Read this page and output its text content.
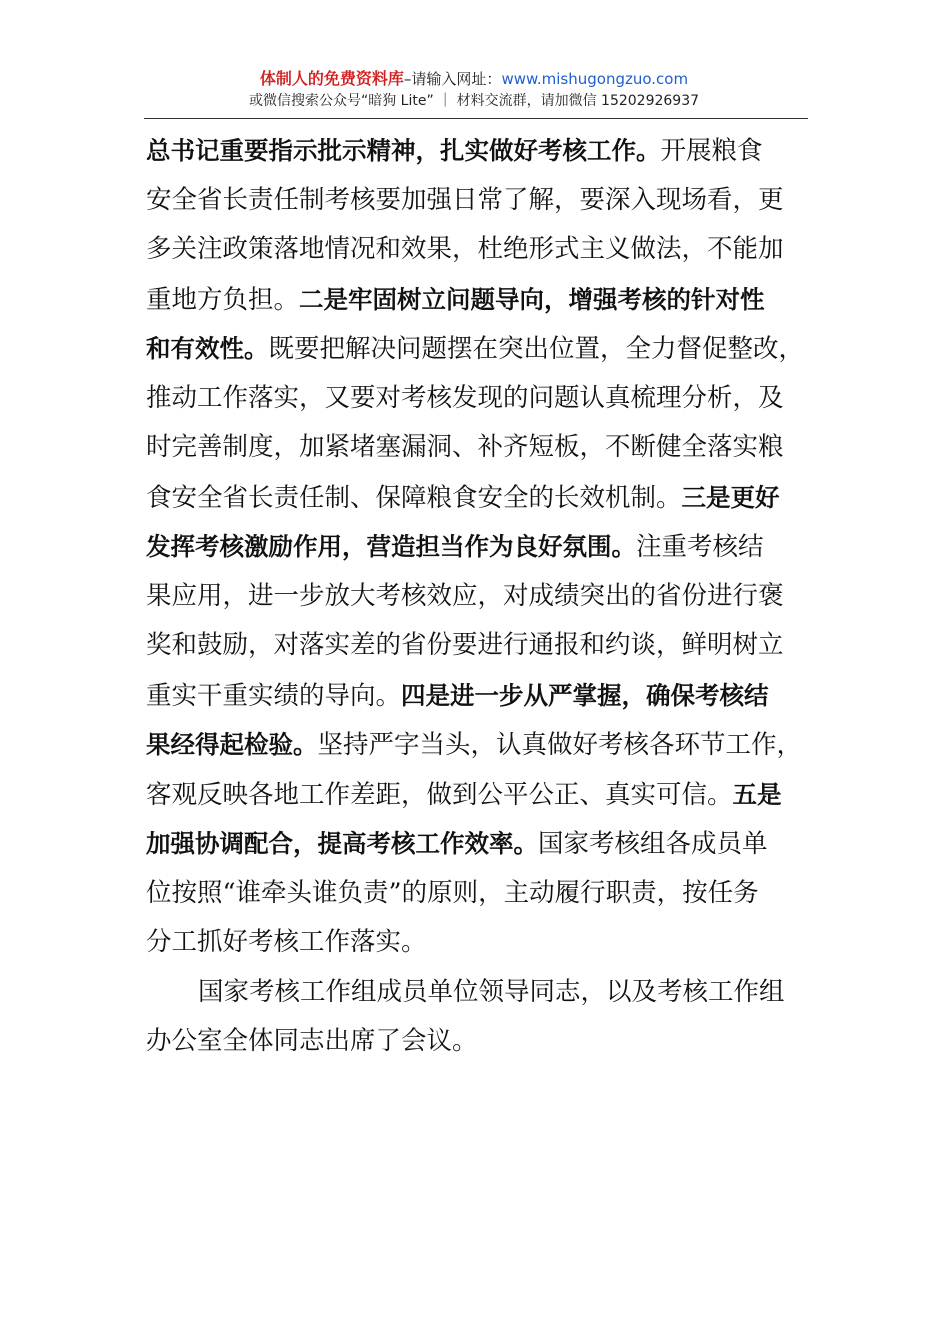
体制人的免费资料库–请输入网址：www.mishugongzuo.com
或微信搜索公众号“暗狗 Lite” ｜ 材料交流群，请加微信 15202926937
总书记重要指示批示精神，扎实做好考核工作。开展粮食
安全省长责任制考核要加强日常了解，要深入现场看，更
多关注政策落地情况和效果，杜绝形式主义做法，不能加
重地方负担。二是牢固树立问题导向，增强考核的针对性
和有效性。既要把解决问题摆在突出位置，全力督促整改，
推动工作落实，又要对考核发现的问题认真梳理分析，及
时完善制度，加紧堵塞漏洞、补齐短板，不断健全落实粮
食安全省长责任制、保障粮食安全的长效机制。三是更好
发挥考核激励作用，营造担当作为良好氛围。注重考核结
果应用，进一步放大考核效应，对成绩突出的省份进行褒
奖和鼓励，对落实差的省份要进行通报和约谈，鲜明树立
重实干重实绩的导向。四是进一步从严掌握，确保考核结
果经得起检验。坚持严字当头，认真做好考核各环节工作，
客观反映各地工作差距，做到公平公正、真实可信。五是
加强协调配合，提高考核工作效率。国家考核组各成员单
位按照“谁牵头谁负责”的原则，主动履行职责，按任务
分工抓好考核工作落实。
国家考核工作组成员单位领导同志，以及考核工作组
办公室全体同志出席了会议。
